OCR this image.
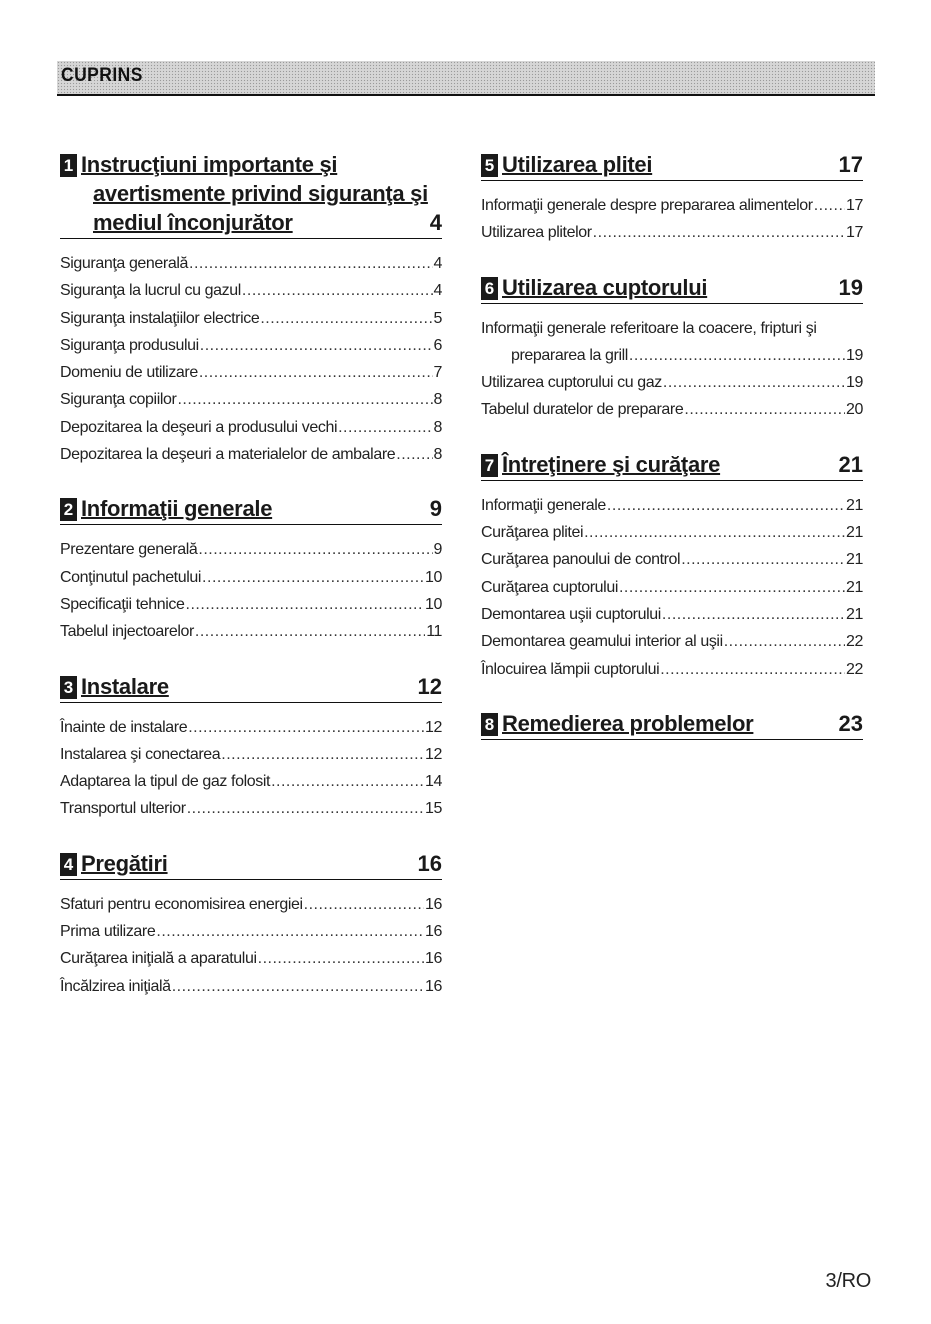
CUPRINS
1 Instrucţiuni importante şi
avertismente privind siguranţa şi
mediul înconjurător	4
Siguranţa generală .....	4
Siguranţa la lucrul cu gazul .....	4
Siguranţa instalaţiilor electrice .....	5
Siguranţa produsului .....	6
Domeniu de utilizare .....	7
Siguranţa copiilor .....	8
Depozitarea la deşeuri a produsului vechi .....	8
Depozitarea la deşeuri a materialelor de ambalare ..... 8
2 Informaţii generale	9
Prezentare generală .....	9
Conţinutul pachetului .....	10
Specificaţii tehnice .....	10
Tabelul injectoarelor .....	11
3 Instalare	12
Înainte de instalare .....	12
Instalarea şi conectarea .....	12
Adaptarea la tipul de gaz folosit .....	14
Transportul ulterior .....	15
4 Pregătiri	16
Sfaturi pentru economisirea energiei .....	16
Prima utilizare .....	16
Curăţarea iniţială a aparatului .....	16
Încălzirea iniţială .....	16
5 Utilizarea plitei	17
Informaţii generale despre prepararea alimentelor ..... 17
Utilizarea plitelor .....	17
6 Utilizarea cuptorului	19
Informaţii generale referitoare la coacere, fripturi şi
prepararea la grill .....	19
Utilizarea cuptorului cu gaz .....	19
Tabelul duratelor de preparare .....	20
7 Întreţinere şi curăţare	21
Informaţii generale .....	21
Curăţarea plitei .....	21
Curăţarea panoului de control .....	21
Curăţarea cuptorului .....	21
Demontarea uşii cuptorului .....	21
Demontarea geamului interior al uşii .....	22
Înlocuirea lămpii cuptorului .....	22
8 Remedierea problemelor	23
3/RO
